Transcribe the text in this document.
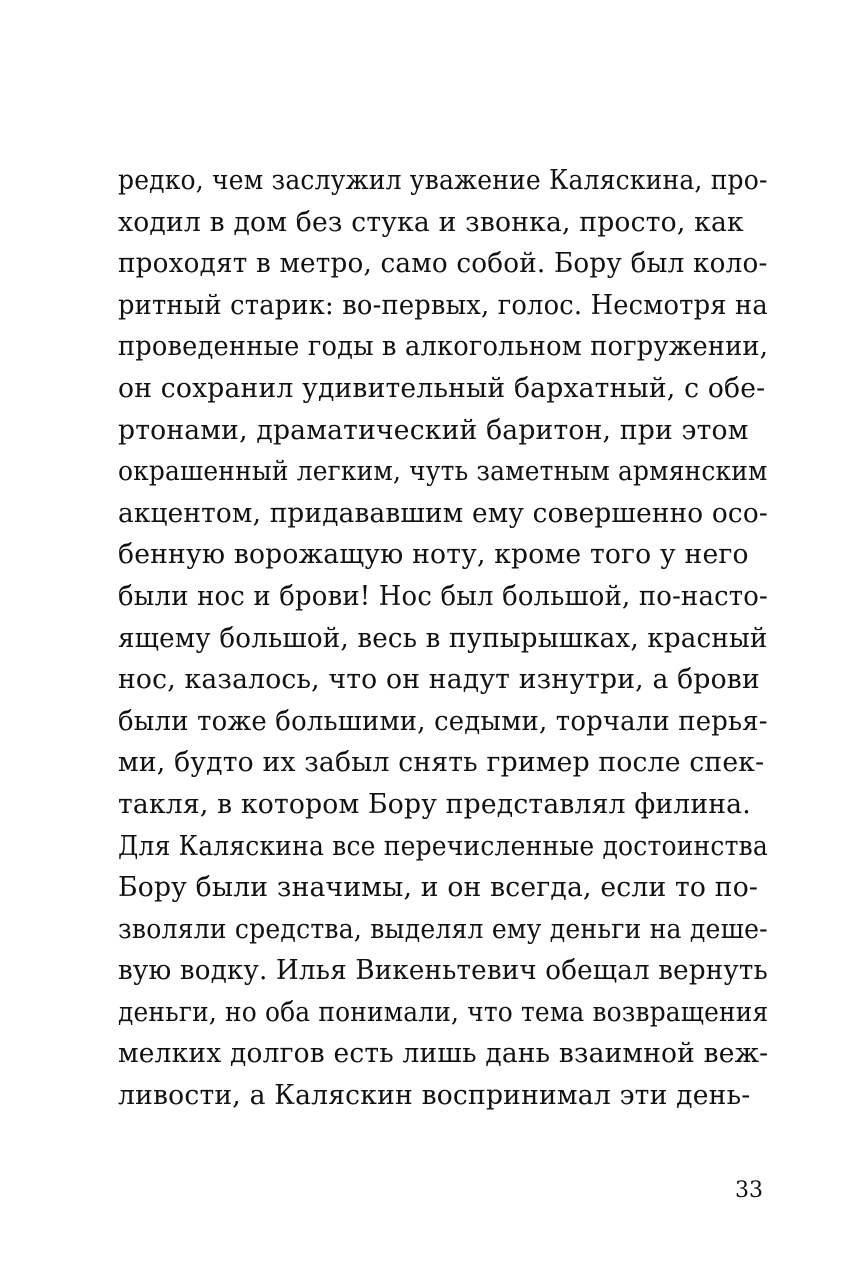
редко, чем заслужил уважение Каляскина, про-
ходил в дом без стука и звонка, просто, как
проходят в метро, само собой. Бору был коло-
ритный старик: во-первых, голос. Несмотря на
проведенные годы в алкогольном погружении,
он сохранил удивительный бархатный, с обе-
ртонами, драматический баритон, при этом
окрашенный легким, чуть заметным армянским
акцентом, придававшим ему совершенно осо-
бенную ворожащую ноту, кроме того у него
были нос и брови! Нос был большой, по-насто-
ящему большой, весь в пупырышках, красный
нос, казалось, что он надут изнутри, а брови
были тоже большими, седыми, торчали перья-
ми, будто их забыл снять гример после спек-
такля, в котором Бору представлял филина.
Для Каляскина все перечисленные достоинства
Бору были значимы, и он всегда, если то по-
зволяли средства, выделял ему деньги на деше-
вую водку. Илья Викеньтевич обещал вернуть
деньги, но оба понимали, что тема возвращения
мелких долгов есть лишь дань взаимной веж-
ливости, а Каляскин воспринимал эти день-
33
